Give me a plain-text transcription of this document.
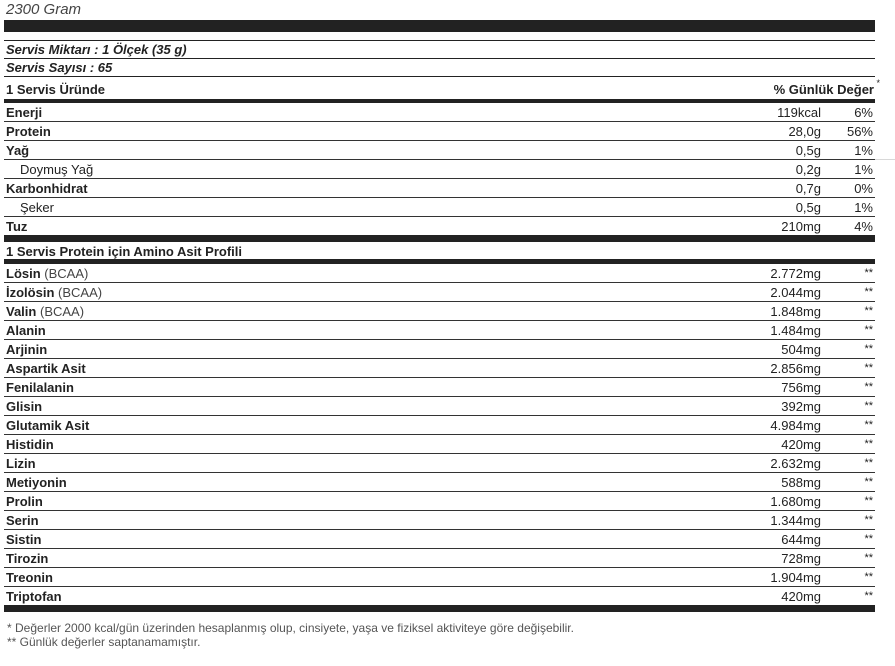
2300 Gram
Servis Miktarı : 1 Ölçek (35 g)
Servis Sayısı : 65
1 Servis Üründe	% Günlük Değer *
Enerji	119kcal	6%
Protein	28,0g	56%
Yağ	0,5g	1%
Doymuş Yağ	0,2g	1%
Karbonhidrat	0,7g	0%
Şeker	0,5g	1%
Tuz	210mg	4%
1 Servis Protein için Amino Asit Profili
Lösin (BCAA)	2.772mg	**
İzolösin (BCAA)	2.044mg	**
Valin (BCAA)	1.848mg	**
Alanin	1.484mg	**
Arjinin	504mg	**
Aspartik Asit	2.856mg	**
Fenilalanin	756mg	**
Glisin	392mg	**
Glutamik Asit	4.984mg	**
Histidin	420mg	**
Lizin	2.632mg	**
Metiyonin	588mg	**
Prolin	1.680mg	**
Serin	1.344mg	**
Sistin	644mg	**
Tirozin	728mg	**
Treonin	1.904mg	**
Triptofan	420mg	**
* Değerler 2000 kcal/gün üzerinden hesaplanmış olup, cinsiyete, yaşa ve fiziksel aktiviteye göre değişebilir.
** Günlük değerler saptanamamıştır.
